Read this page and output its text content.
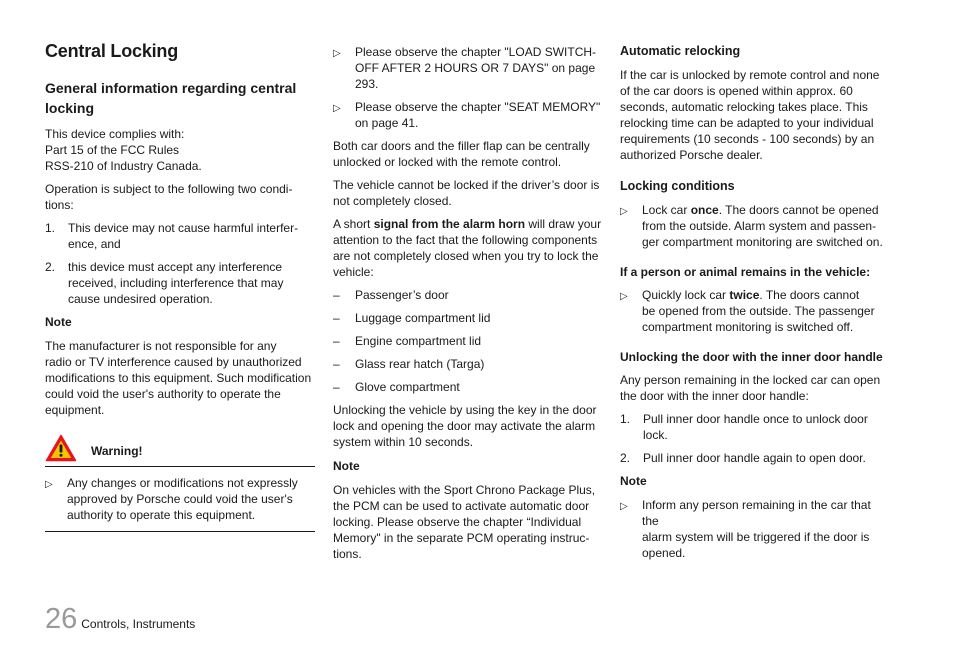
Central Locking
General information regarding central
locking

This device complies with:
Part 15 of the FCC Rules
RSS-210 of Industry Canada.

Operation is subject to the following two condi-
tions:

1.	This device may not cause harmful interfer-
ence, and
2.	this device must accept any interference
received, including interference that may
cause undesired operation.
Note

The manufacturer is not responsible for any
radio or TV interference caused by unauthorized
modifications to this equipment. Such modification
could void the user's authority to operate the
equipment.

Warning!
▷	Any changes or modifications not expressly
approved by Porsche could void the user's
authority to operate this equipment.
▷	Please observe the chapter "LOAD SWITCH-
OFF AFTER 2 HOURS OR 7 DAYS" on page
293.
▷	Please observe the chapter "SEAT MEMORY"
on page 41.

Both car doors and the filler flap can be centrally
unlocked or locked with the remote control.

The vehicle cannot be locked if the driver’s door is
not completely closed.

A short signal from the alarm horn will draw your
attention to the fact that the following components
are not completely closed when you try to lock the
vehicle:

–	Passenger’s door
–	Luggage compartment lid
–	Engine compartment lid
–	Glass rear hatch (Targa)
–	Glove compartment

Unlocking the vehicle by using the key in the door
lock and opening the door may activate the alarm
system within 10 seconds.

Note

On vehicles with the Sport Chrono Package Plus,
the PCM can be used to activate automatic door
locking. Please observe the chapter “Individual
Memory" in the separate PCM operating instruc-
tions.

Automatic relocking

If the car is unlocked by remote control and none
of the car doors is opened within approx. 60
seconds, automatic relocking takes place. This
relocking time can be adapted to your individual
requirements (10 seconds - 100 seconds) by an
authorized Porsche dealer.

Locking conditions
▷	Lock car once. The doors cannot be opened
from the outside. Alarm system and passen-
ger compartment monitoring are switched on.
If a person or animal remains in the vehicle:
▷	Quickly lock car twice. The doors cannot
be opened from the outside. The passenger
compartment monitoring is switched off.
Unlocking the door with the inner door handle

Any person remaining in the locked car can open
the door with the inner door handle:

1.	Pull inner door handle once to unlock door
lock.
2.	Pull inner door handle again to open door.
Note
▷	Inform any person remaining in the car that the
alarm system will be triggered if the door is
opened.
26 Controls, Instruments
